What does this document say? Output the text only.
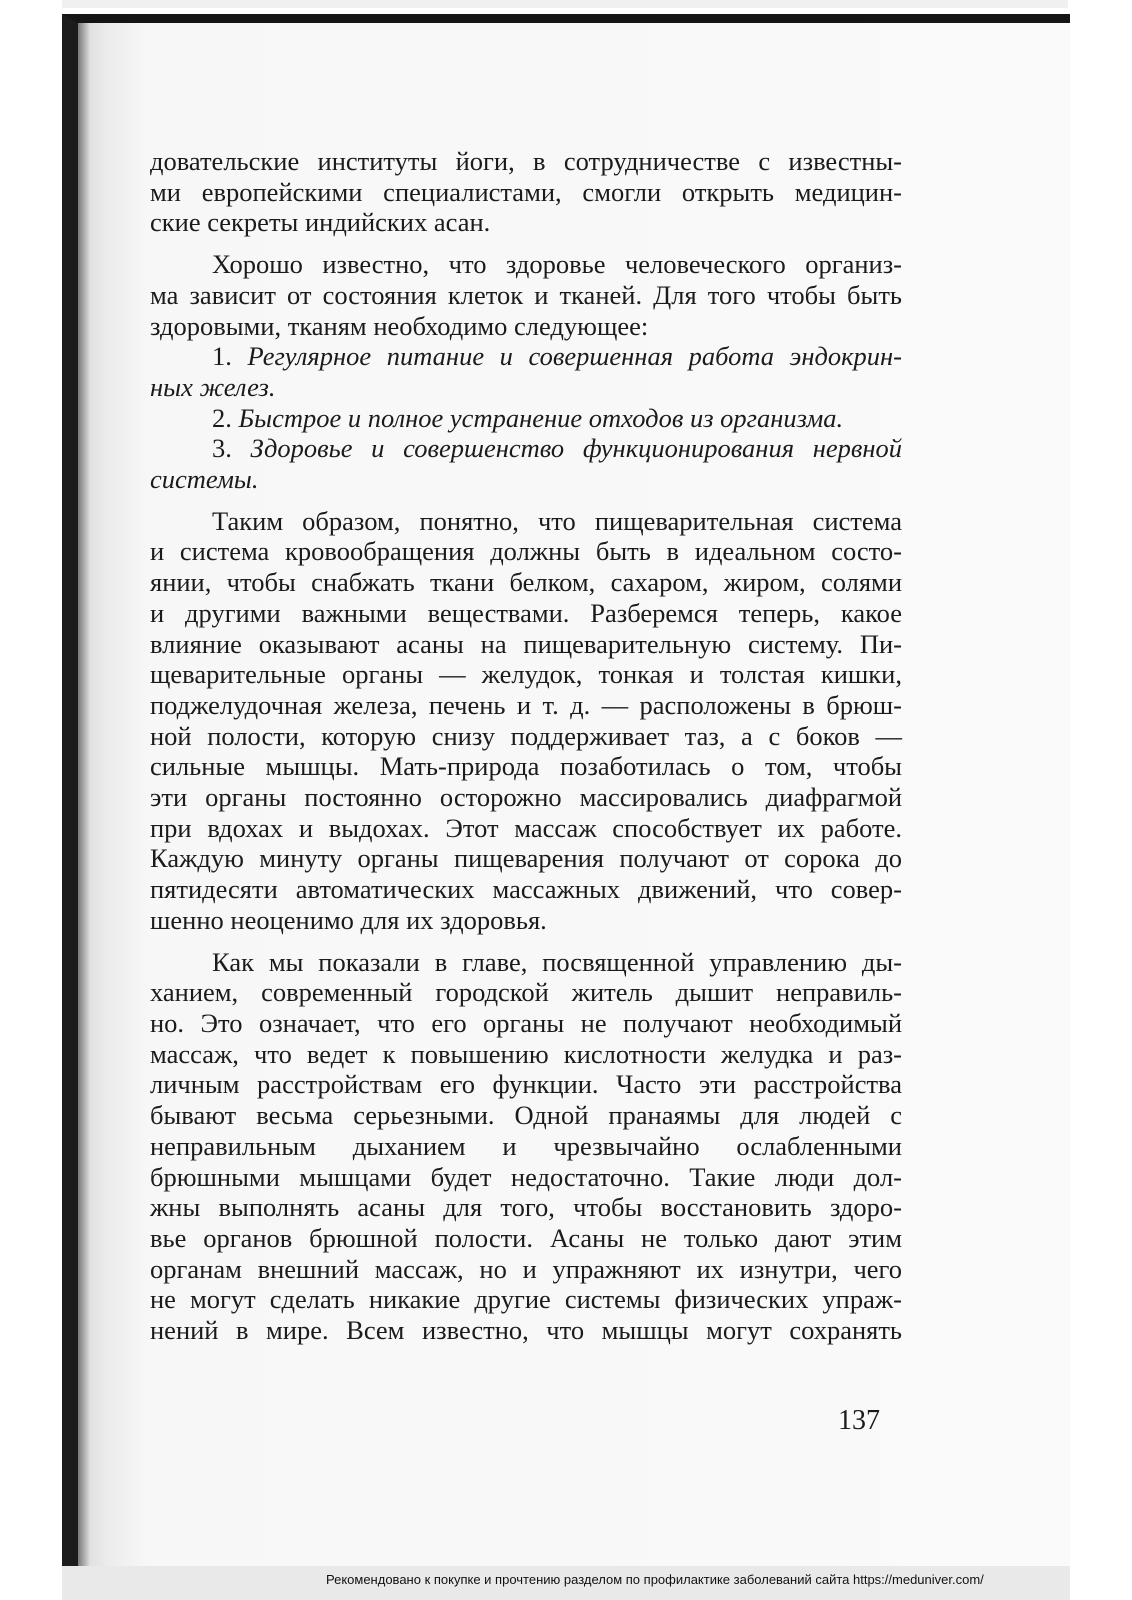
довательские институты йоги, в сотрудничестве с известны-
ми европейскими специалистами, смогли открыть медицин-
ские секреты индийских асан.
Хорошо известно, что здоровье человеческого организ-
ма зависит от состояния клеток и тканей. Для того чтобы быть
здоровыми, тканям необходимо следующее:
1. Регулярное питание и совершенная работа эндокрин-
ных желез.
2. Быстрое и полное устранение отходов из организма.
3. Здоровье и совершенство функционирования нервной
системы.
Таким образом, понятно, что пищеварительная система
и система кровообращения должны быть в идеальном состо-
янии, чтобы снабжать ткани белком, сахаром, жиром, солями
и другими важными веществами. Разберемся теперь, какое
влияние оказывают асаны на пищеварительную систему. Пи-
щеварительные органы — желудок, тонкая и толстая кишки,
поджелудочная железа, печень и т. д. — расположены в брюш-
ной полости, которую снизу поддерживает таз, а с боков —
сильные мышцы. Мать-природа позаботилась о том, чтобы
эти органы постоянно осторожно массировались диафрагмой
при вдохах и выдохах. Этот массаж способствует их работе.
Каждую минуту органы пищеварения получают от сорока до
пятидесяти автоматических массажных движений, что совер-
шенно неоценимо для их здоровья.
Как мы показали в главе, посвященной управлению ды-
ханием, современный городской житель дышит неправиль-
но. Это означает, что его органы не получают необходимый
массаж, что ведет к повышению кислотности желудка и раз-
личным расстройствам его функции. Часто эти расстройства
бывают весьма серьезными. Одной пранаямы для людей с
неправильным дыханием и чрезвычайно ослабленными
брюшными мышцами будет недостаточно. Такие люди дол-
жны выполнять асаны для того, чтобы восстановить здоро-
вье органов брюшной полости. Асаны не только дают этим
органам внешний массаж, но и упражняют их изнутри, чего
не могут сделать никакие другие системы физических упраж-
нений в мире. Всем известно, что мышцы могут сохранять
137
Рекомендовано к покупке и прочтению разделом по профилактике заболеваний сайта https://meduniver.com/
